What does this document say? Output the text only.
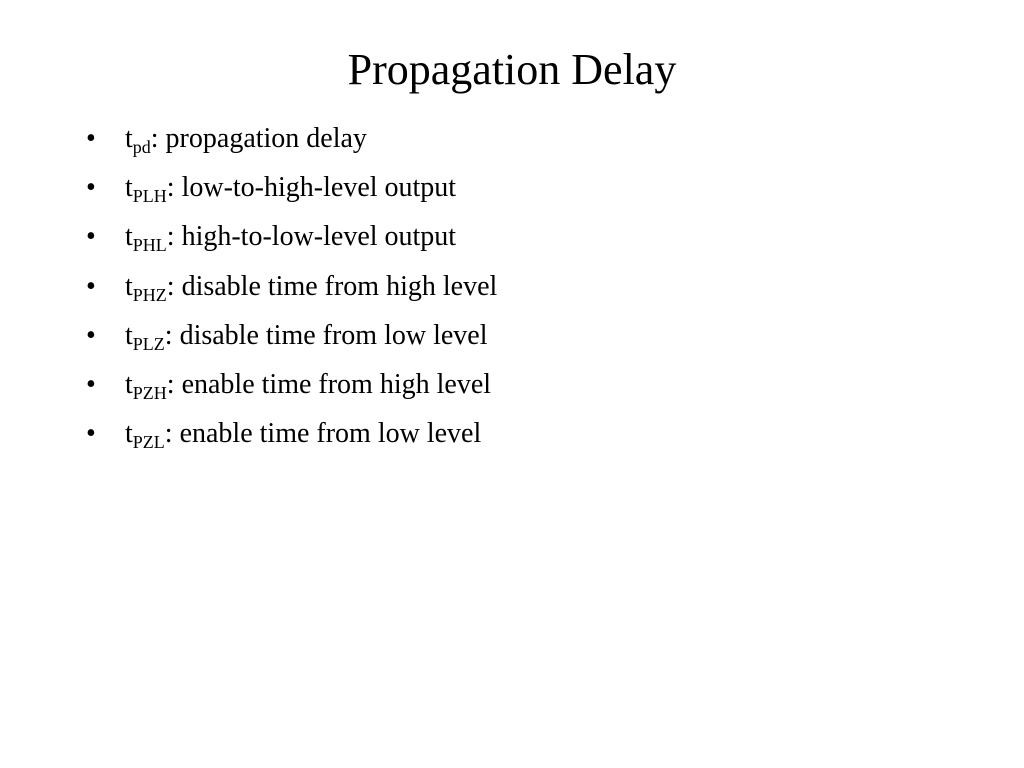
Propagation Delay
•	$t_{pd}$ : propagation delay
•	$t_{PLH}$ : low-to-high-level output
•	$t_{PHL}$ : high-to-low-level output
•	$t_{PHZ}$ : disable time from high level
•	$t_{PLZ}$ : disable time from low level
•	$t_{PZH}$ : enable time from high level
•	$t_{PZL}$ : enable time from low level
